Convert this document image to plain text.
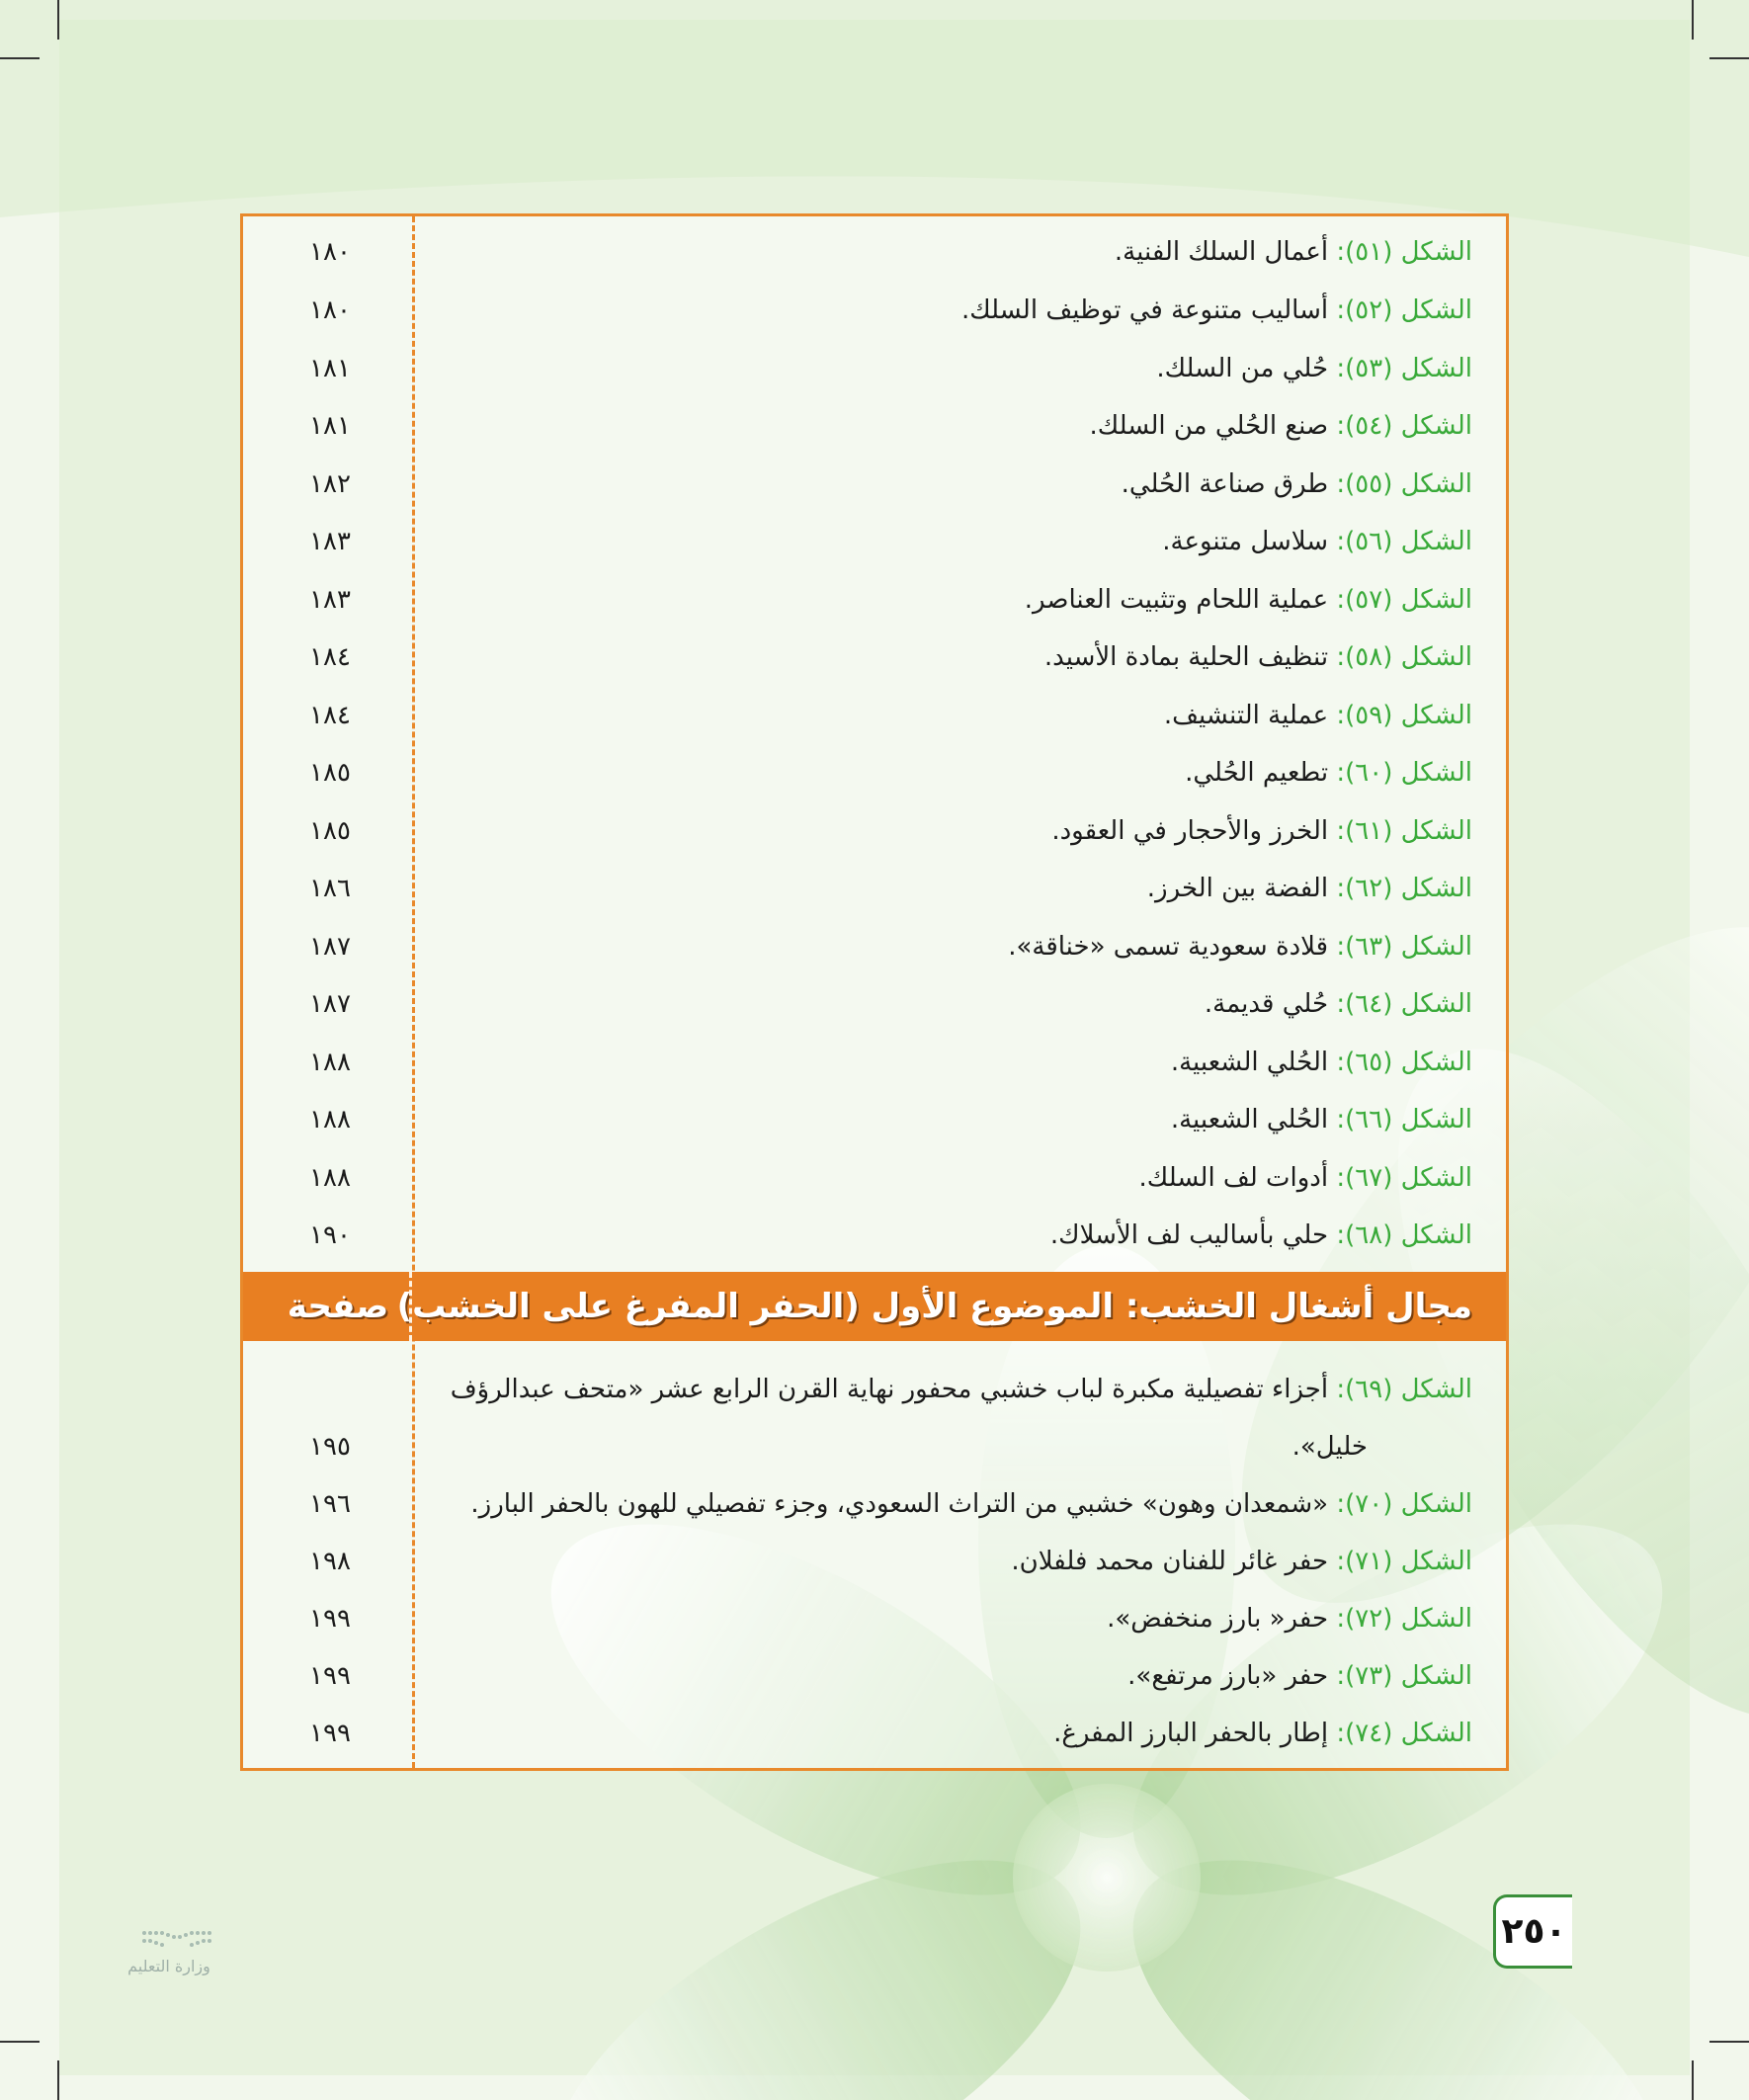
الشكل (٥١): أعمال السلك الفنية.
١٨٠
الشكل (٥٢): أساليب متنوعة في توظيف السلك.
١٨٠
الشكل (٥٣): حُلي من السلك.
١٨١
الشكل (٥٤): صنع الحُلي من السلك.
١٨١
الشكل (٥٥): طرق صناعة الحُلي.
١٨٢
الشكل (٥٦): سلاسل متنوعة.
١٨٣
الشكل (٥٧): عملية اللحام وتثبيت العناصر.
١٨٣
الشكل (٥٨): تنظيف الحلية بمادة الأسيد.
١٨٤
الشكل (٥٩): عملية التنشيف.
١٨٤
الشكل (٦٠): تطعيم الحُلي.
١٨٥
الشكل (٦١): الخرز والأحجار في العقود.
١٨٥
الشكل (٦٢): الفضة بين الخرز.
١٨٦
الشكل (٦٣): قلادة سعودية تسمى «خناقة».
١٨٧
الشكل (٦٤): حُلي قديمة.
١٨٧
الشكل (٦٥): الحُلي الشعبية.
١٨٨
الشكل (٦٦): الحُلي الشعبية.
١٨٨
الشكل (٦٧): أدوات لف السلك.
١٨٨
الشكل (٦٨): حلي بأساليب لف الأسلاك.
١٩٠
مجال أشغال الخشب: الموضوع الأول (الحفر المفرغ على الخشب)
صفحة
الشكل (٦٩): أجزاء تفصيلية مكبرة لباب خشبي محفور نهاية القرن الرابع عشر «متحف عبدالرؤف
خليل».
١٩٥
الشكل (٧٠): «شمعدان وهون» خشبي من التراث السعودي، وجزء تفصيلي للهون بالحفر البارز.
١٩٦
الشكل (٧١): حفر غائر للفنان محمد فلفلان.
١٩٨
الشكل (٧٢): حفر« بارز منخفض».
١٩٩
الشكل (٧٣): حفر «بارز مرتفع».
١٩٩
الشكل (٧٤): إطار بالحفر البارز المفرغ.
١٩٩
٢٥٠
وزارة التعليم
